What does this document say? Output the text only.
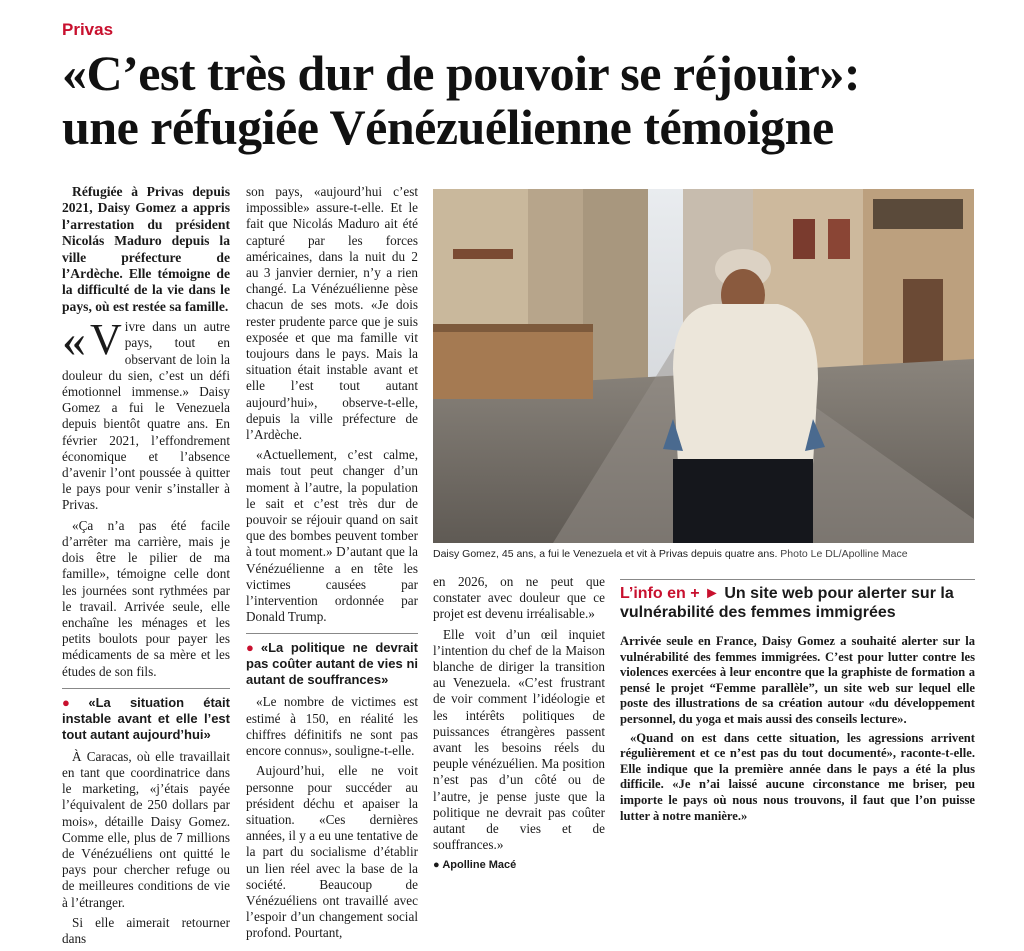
Privas
«C’est très dur de pouvoir se réjouir»:
une réfugiée Vénézuélienne témoigne

Réfugiée à Privas depuis 2021, Daisy Gomez a appris l’arrestation du président Nicolás Maduro depuis la ville préfecture de l’Ardèche. Elle témoigne de la difficulté de la vie dans le pays, où est restée sa famille.

« V ivre dans un autre pays, tout en observant de loin la douleur du sien, c’est un défi émotionnel immense.» Daisy Gomez a fui le Venezuela depuis bientôt quatre ans. En février 2021, l’effondrement économique et l’absence d’avenir l’ont poussée à quitter le pays pour venir s’installer à Privas.

«Ça n’a pas été facile d’arrêter ma carrière, mais je dois être le pilier de ma famille», témoigne celle dont les journées sont rythmées par le travail. Arrivée seule, elle enchaîne les ménages et les petits boulots pour payer les médicaments de sa mère et les études de son fils.

● «La situation était instable avant et elle l’est tout autant aujourd’hui»

À Caracas, où elle travaillait en tant que coordinatrice dans le marketing, «j’étais payée l’équivalent de 250 dollars par mois», détaille Daisy Gomez. Comme elle, plus de 7 millions de Vénézuéliens ont quitté le pays pour chercher refuge ou de meilleures conditions de vie à l’étranger.

Si elle aimerait retourner dans

son pays, «aujourd’hui c’est impossible» assure-t-elle. Et le fait que Nicolás Maduro ait été capturé par les forces américaines, dans la nuit du 2 au 3 janvier dernier, n’y a rien changé. La Vénézuélienne pèse chacun de ses mots. «Je dois rester prudente parce que je suis exposée et que ma famille vit toujours dans le pays. Mais la situation était instable avant et elle l’est tout autant aujourd’hui», observe-t-elle, depuis la ville préfecture de l’Ardèche.

«Actuellement, c’est calme, mais tout peut changer d’un moment à l’autre, la population le sait et c’est très dur de pouvoir se réjouir quand on sait que des bombes peuvent tomber à tout moment.» D’autant que la Vénézuélienne a en tête les victimes causées par l’intervention ordonnée par Donald Trump.

● «La politique ne devrait pas coûter autant de vies ni autant de souffrances»

«Le nombre de victimes est estimé à 150, en réalité les chiffres définitifs ne sont pas encore connus», souligne-t-elle.

Aujourd’hui, elle ne voit personne pour succéder au président déchu et apaiser la situation. «Ces dernières années, il y a eu une tentative de la part du socialisme d’établir un lien réel avec la base de la société. Beaucoup de Vénézuéliens ont travaillé avec l’espoir d’un changement social profond. Pourtant,

Daisy Gomez, 45 ans, a fui le Venezuela et vit à Privas depuis quatre ans. Photo Le DL/Apolline Mace

en 2026, on ne peut que constater avec douleur que ce projet est devenu irréalisable.»

Elle voit d’un œil inquiet l’intention du chef de la Maison blanche de diriger la transition au Venezuela. «C’est frustrant de voir comment l’idéologie et les intérêts politiques de puissances étrangères passent avant les besoins réels du peuple vénézuélien. Ma position n’est pas d’un côté ou de l’autre, je pense juste que la politique ne devrait pas coûter autant de vies et de souffrances.»

● Apolline Macé

L’info en + ► Un site web pour alerter sur la vulnérabilité des femmes immigrées

Arrivée seule en France, Daisy Gomez a souhaité alerter sur la vulnérabilité des femmes immigrées. C’est pour lutter contre les violences exercées à leur encontre que la graphiste de formation a pensé le projet “Femme parallèle”, un site web sur lequel elle poste des illustrations de sa création autour «du développement personnel, du yoga et mais aussi des conseils lecture».

«Quand on est dans cette situation, les agressions arrivent régulièrement et ce n’est pas du tout documenté», raconte-t-elle. Elle indique que la première année dans le pays a été la plus difficile. «Je n’ai laissé aucune circonstance me briser, peu importe le pays où nous nous trouvons, il faut que l’on puisse lutter à notre manière.»
